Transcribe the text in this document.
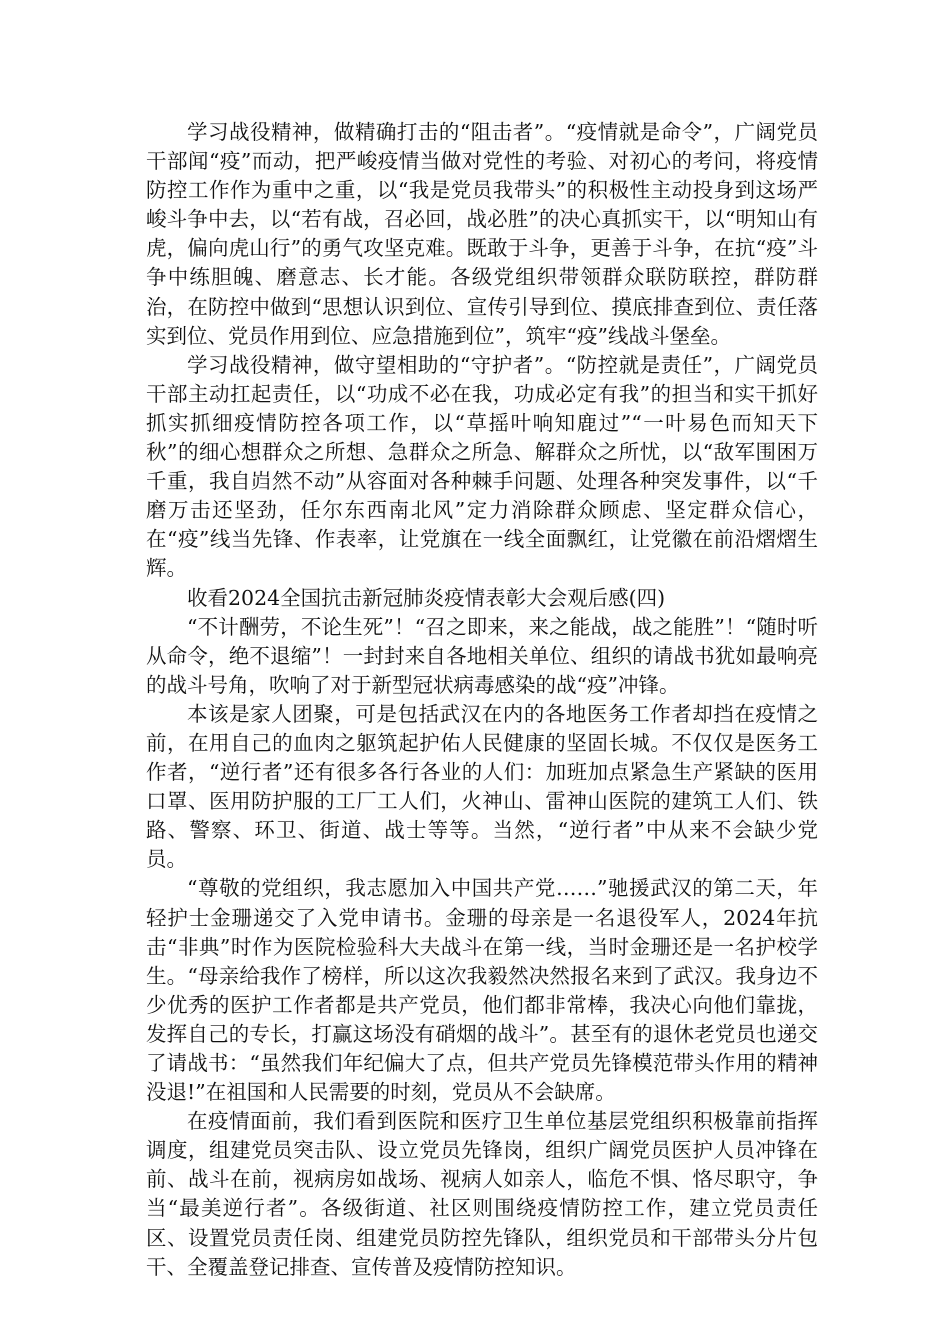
学习战役精神，做精确打击的“阻击者”。“疫情就是命令”，广阔党员干部闻“疫”而动，把严峻疫情当做对党性的考验、对初心的考问，将疫情防控工作作为重中之重，以“我是党员我带头”的积极性主动投身到这场严峻斗争中去，以“若有战，召必回，战必胜”的决心真抓实干，以“明知山有虎，偏向虎山行”的勇气攻坚克难。既敢于斗争，更善于斗争，在抗“疫”斗争中练胆魄、磨意志、长才能。各级党组织带领群众联防联控，群防群治，在防控中做到“思想认识到位、宣传引导到位、摸底排查到位、责任落实到位、党员作用到位、应急措施到位”，筑牢“疫”线战斗堡垒。

学习战役精神，做守望相助的“守护者”。“防控就是责任”，广阔党员干部主动扛起责任，以“功成不必在我，功成必定有我”的担当和实干抓好抓实抓细疫情防控各项工作，以“草摇叶响知鹿过”“一叶易色而知天下秋”的细心想群众之所想、急群众之所急、解群众之所忧，以“敌军围困万千重，我自岿然不动”从容面对各种棘手问题、处理各种突发事件，以“千磨万击还坚劲，任尔东西南北风”定力消除群众顾虑、坚定群众信心，在“疫”线当先锋、作表率，让党旗在一线全面飘红，让党徽在前沿熠熠生辉。

收看2024全国抗击新冠肺炎疫情表彰大会观后感(四)

“不计酬劳，不论生死”！“召之即来，来之能战，战之能胜”！“随时听从命令，绝不退缩”！一封封来自各地相关单位、组织的请战书犹如最响亮的战斗号角，吹响了对于新型冠状病毒感染的战“疫”冲锋。

本该是家人团聚，可是包括武汉在内的各地医务工作者却挡在疫情之前，在用自己的血肉之躯筑起护佑人民健康的坚固长城。不仅仅是医务工作者，“逆行者”还有很多各行各业的人们：加班加点紧急生产紧缺的医用口罩、医用防护服的工厂工人们，火神山、雷神山医院的建筑工人们、铁路、警察、环卫、街道、战士等等。当然，“逆行者”中从来不会缺少党员。

“尊敬的党组织，我志愿加入中国共产党……”驰援武汉的第二天，年轻护士金珊递交了入党申请书。金珊的母亲是一名退役军人，2024年抗击“非典”时作为医院检验科大夫战斗在第一线，当时金珊还是一名护校学生。“母亲给我作了榜样，所以这次我毅然决然报名来到了武汉。我身边不少优秀的医护工作者都是共产党员，他们都非常棒，我决心向他们靠拢，发挥自己的专长，打赢这场没有硝烟的战斗”。甚至有的退休老党员也递交了请战书：“虽然我们年纪偏大了点，但共产党员先锋模范带头作用的精神没退!”在祖国和人民需要的时刻，党员从不会缺席。

在疫情面前，我们看到医院和医疗卫生单位基层党组织积极靠前指挥调度，组建党员突击队、设立党员先锋岗，组织广阔党员医护人员冲锋在前、战斗在前，视病房如战场、视病人如亲人，临危不惧、恪尽职守，争当“最美逆行者”。各级街道、社区则围绕疫情防控工作，建立党员责任区、设置党员责任岗、组建党员防控先锋队，组织党员和干部带头分片包干、全覆盖登记排查、宣传普及疫情防控知识。
